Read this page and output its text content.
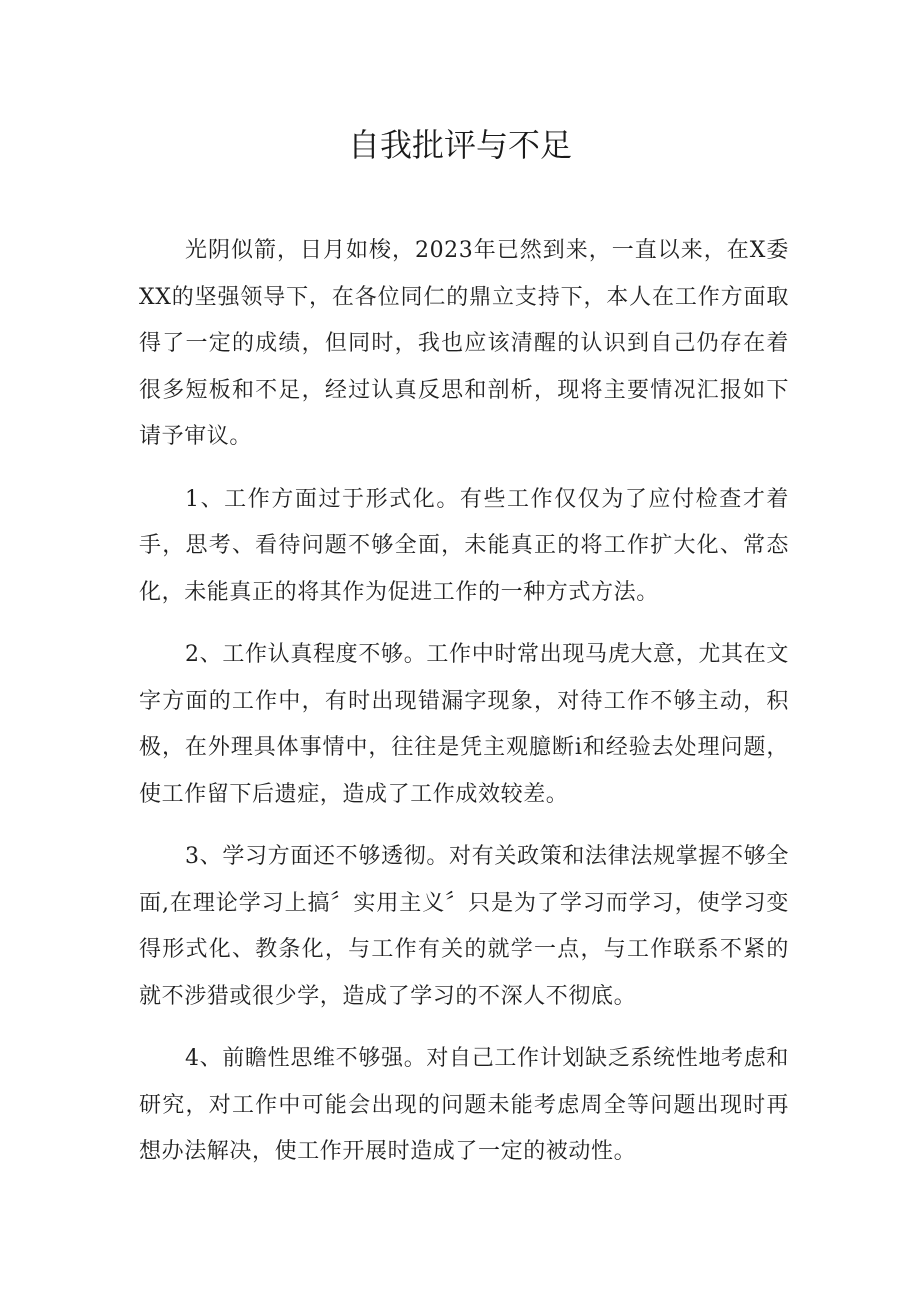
自我批评与不足

光阴似箭，日月如梭，2023年已然到来，一直以来，在X委XX的坚强领导下，在各位同仁的鼎立支持下，本人在工作方面取得了一定的成绩，但同时，我也应该清醒的认识到自己仍存在着很多短板和不足，经过认真反思和剖析，现将主要情况汇报如下请予审议。

1、工作方面过于形式化。有些工作仅仅为了应付检查才着手，思考、看待问题不够全面，未能真正的将工作扩大化、常态化，未能真正的将其作为促进工作的一种方式方法。

2、工作认真程度不够。工作中时常出现马虎大意，尤其在文字方面的工作中，有时出现错漏字现象，对待工作不够主动，积极，在外理具体事情中，往往是凭主观臆断i和经验去处理问题，使工作留下后遗症，造成了工作成效较差。

3、学习方面还不够透彻。对有关政策和法律法规掌握不够全面,在理论学习上搞〞实用主义〞只是为了学习而学习，使学习变得形式化、教条化，与工作有关的就学一点，与工作联系不紧的就不涉猎或很少学，造成了学习的不深人不彻底。

4、前瞻性思维不够强。对自己工作计划缺乏系统性地考虑和研究，对工作中可能会出现的问题未能考虑周全等问题出现时再想办法解决，使工作开展时造成了一定的被动性。
